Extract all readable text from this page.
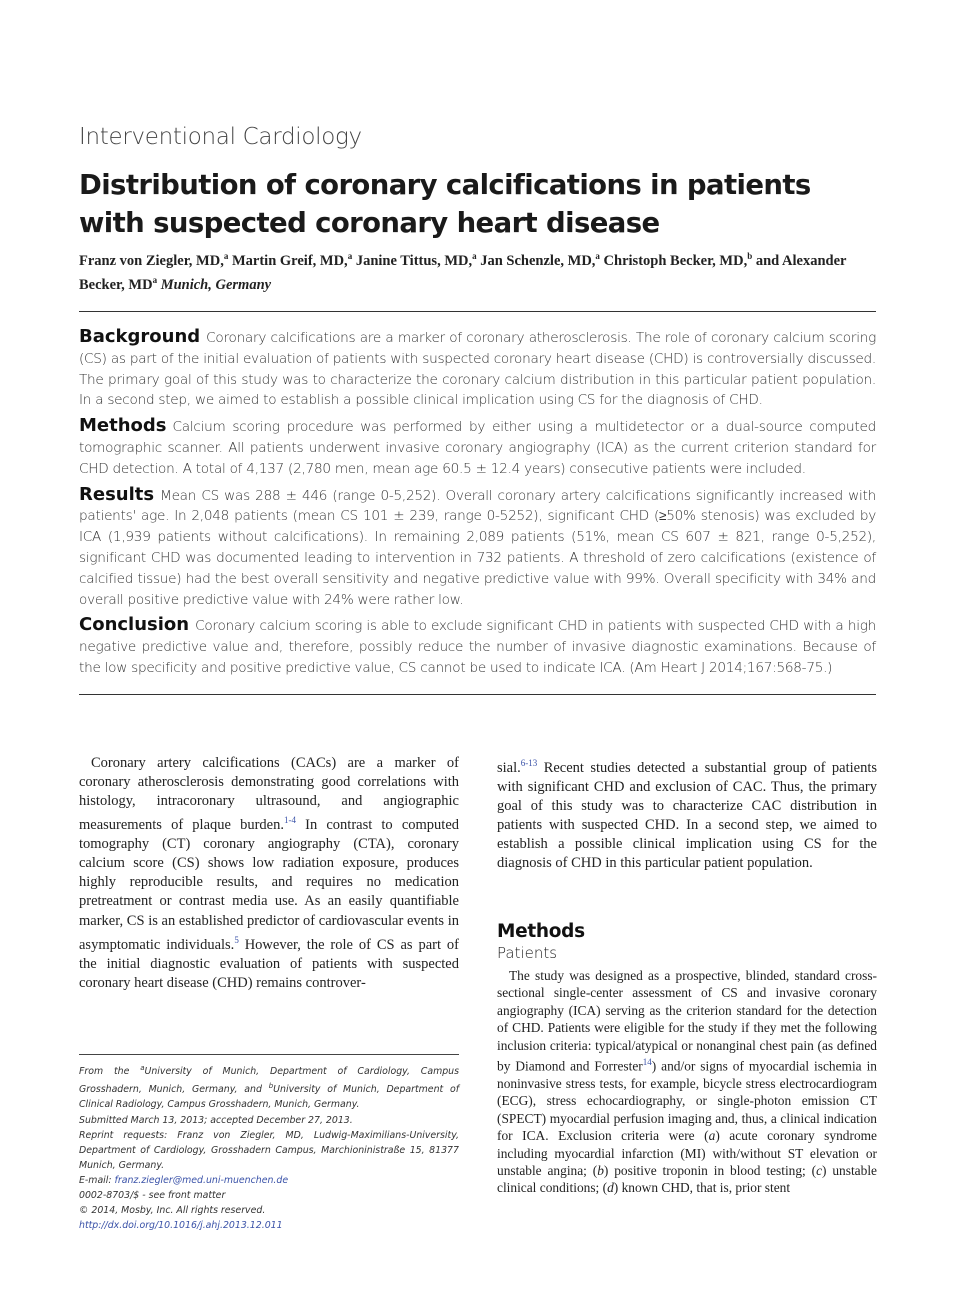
Interventional Cardiology
Distribution of coronary calcifications in patients with suspected coronary heart disease
Franz von Ziegler, MD,$^a$ Martin Greif, MD,$^a$ Janine Tittus, MD,$^a$ Jan Schenzle, MD,$^a$ Christoph Becker, MD,$^b$ and Alexander Becker, $MD^a$ Munich, Germany

Background Coronary calcifications are a marker of coronary atherosclerosis. The role of coronary calcium scoring (CS) as part of the initial evaluation of patients with suspected coronary heart disease (CHD) is controversially discussed. The primary goal of this study was to characterize the coronary calcium distribution in this particular patient population. In a second step, we aimed to establish a possible clinical implication using CS for the diagnosis of CHD.

Methods Calcium scoring procedure was performed by either using a multidetector or a dual-source computed tomographic scanner. All patients underwent invasive coronary angiography (ICA) as the current criterion standard for CHD detection. A total of 4,137 (2,780 men, mean age 60.5 ± 12.4 years) consecutive patients were included.

Results Mean CS was 288 ± 446 (range 0-5,252). Overall coronary artery calcifications significantly increased with patients' age. In 2,048 patients (mean CS 101 ± 239, range 0-5252), significant CHD (≥50% stenosis) was excluded by ICA (1,939 patients without calcifications). In remaining 2,089 patients (51%, mean CS 607 ± 821, range 0-5,252), significant CHD was documented leading to intervention in 732 patients. A threshold of zero calcifications (existence of calcified tissue) had the best overall sensitivity and negative predictive value with 99%. Overall specificity with 34% and overall positive predictive value with 24% were rather low.

Conclusion Coronary calcium scoring is able to exclude significant CHD in patients with suspected CHD with a high negative predictive value and, therefore, possibly reduce the number of invasive diagnostic examinations. Because of the low specificity and positive predictive value, CS cannot be used to indicate ICA. (Am Heart J 2014;167:568-75.)

Coronary artery calcifications (CACs) are a marker of coronary atherosclerosis demonstrating good correlations with histology, intracoronary ultrasound, and angiographic measurements of plaque burden.$^{1-4}$ In contrast to computed tomography (CT) coronary angiography (CTA), coronary calcium score (CS) shows low radiation exposure, produces highly reproducible results, and requires no medication pretreatment or contrast media use. As an easily quantifiable marker, CS is an established predictor of cardiovascular events in asymptomatic individuals.$^5$ However, the role of CS as part of the initial diagnostic evaluation of patients with suspected coronary heart disease (CHD) remains controver-

sial.$^{6-13}$ Recent studies detected a substantial group of patients with significant CHD and exclusion of CAC. Thus, the primary goal of this study was to characterize CAC distribution in patients with suspected CHD. In a second step, we aimed to establish a possible clinical implication using CS for the diagnosis of CHD in this particular patient population.

Methods
Patients

The study was designed as a prospective, blinded, standard cross-sectional single-center assessment of CS and invasive coronary angiography (ICA) serving as the criterion standard for the detection of CHD. Patients were eligible for the study if they met the following inclusion criteria: typical/atypical or nonanginal chest pain (as defined by Diamond and Forrester$^{14}$) and/or signs of myocardial ischemia in noninvasive stress tests, for example, bicycle stress electrocardiogram (ECG), stress echocardiography, or single-photon emission CT (SPECT) myocardial perfusion imaging and, thus, a clinical indication for ICA. Exclusion criteria were (a) acute coronary syndrome including myocardial infarction (MI) with/without ST elevation or unstable angina; (b) positive troponin in blood testing; (c) unstable clinical conditions; (d) known CHD, that is, prior stent

From the $^a$University of Munich, Department of Cardiology, Campus Grosshadern, Munich, Germany, and $^b$University of Munich, Department of Clinical Radiology, Campus Grosshadern, Munich, Germany.
Submitted March 13, 2013; accepted December 27, 2013.
Reprint requests: Franz von Ziegler, MD, Ludwig-Maximilians-University, Department of Cardiology, Grosshadern Campus, Marchioninistraße 15, 81377 Munich, Germany.
E-mail: franz.ziegler@med.uni-muenchen.de
0002-8703/$ - see front matter
© 2014, Mosby, Inc. All rights reserved.
http://dx.doi.org/10.1016/j.ahj.2013.12.011
